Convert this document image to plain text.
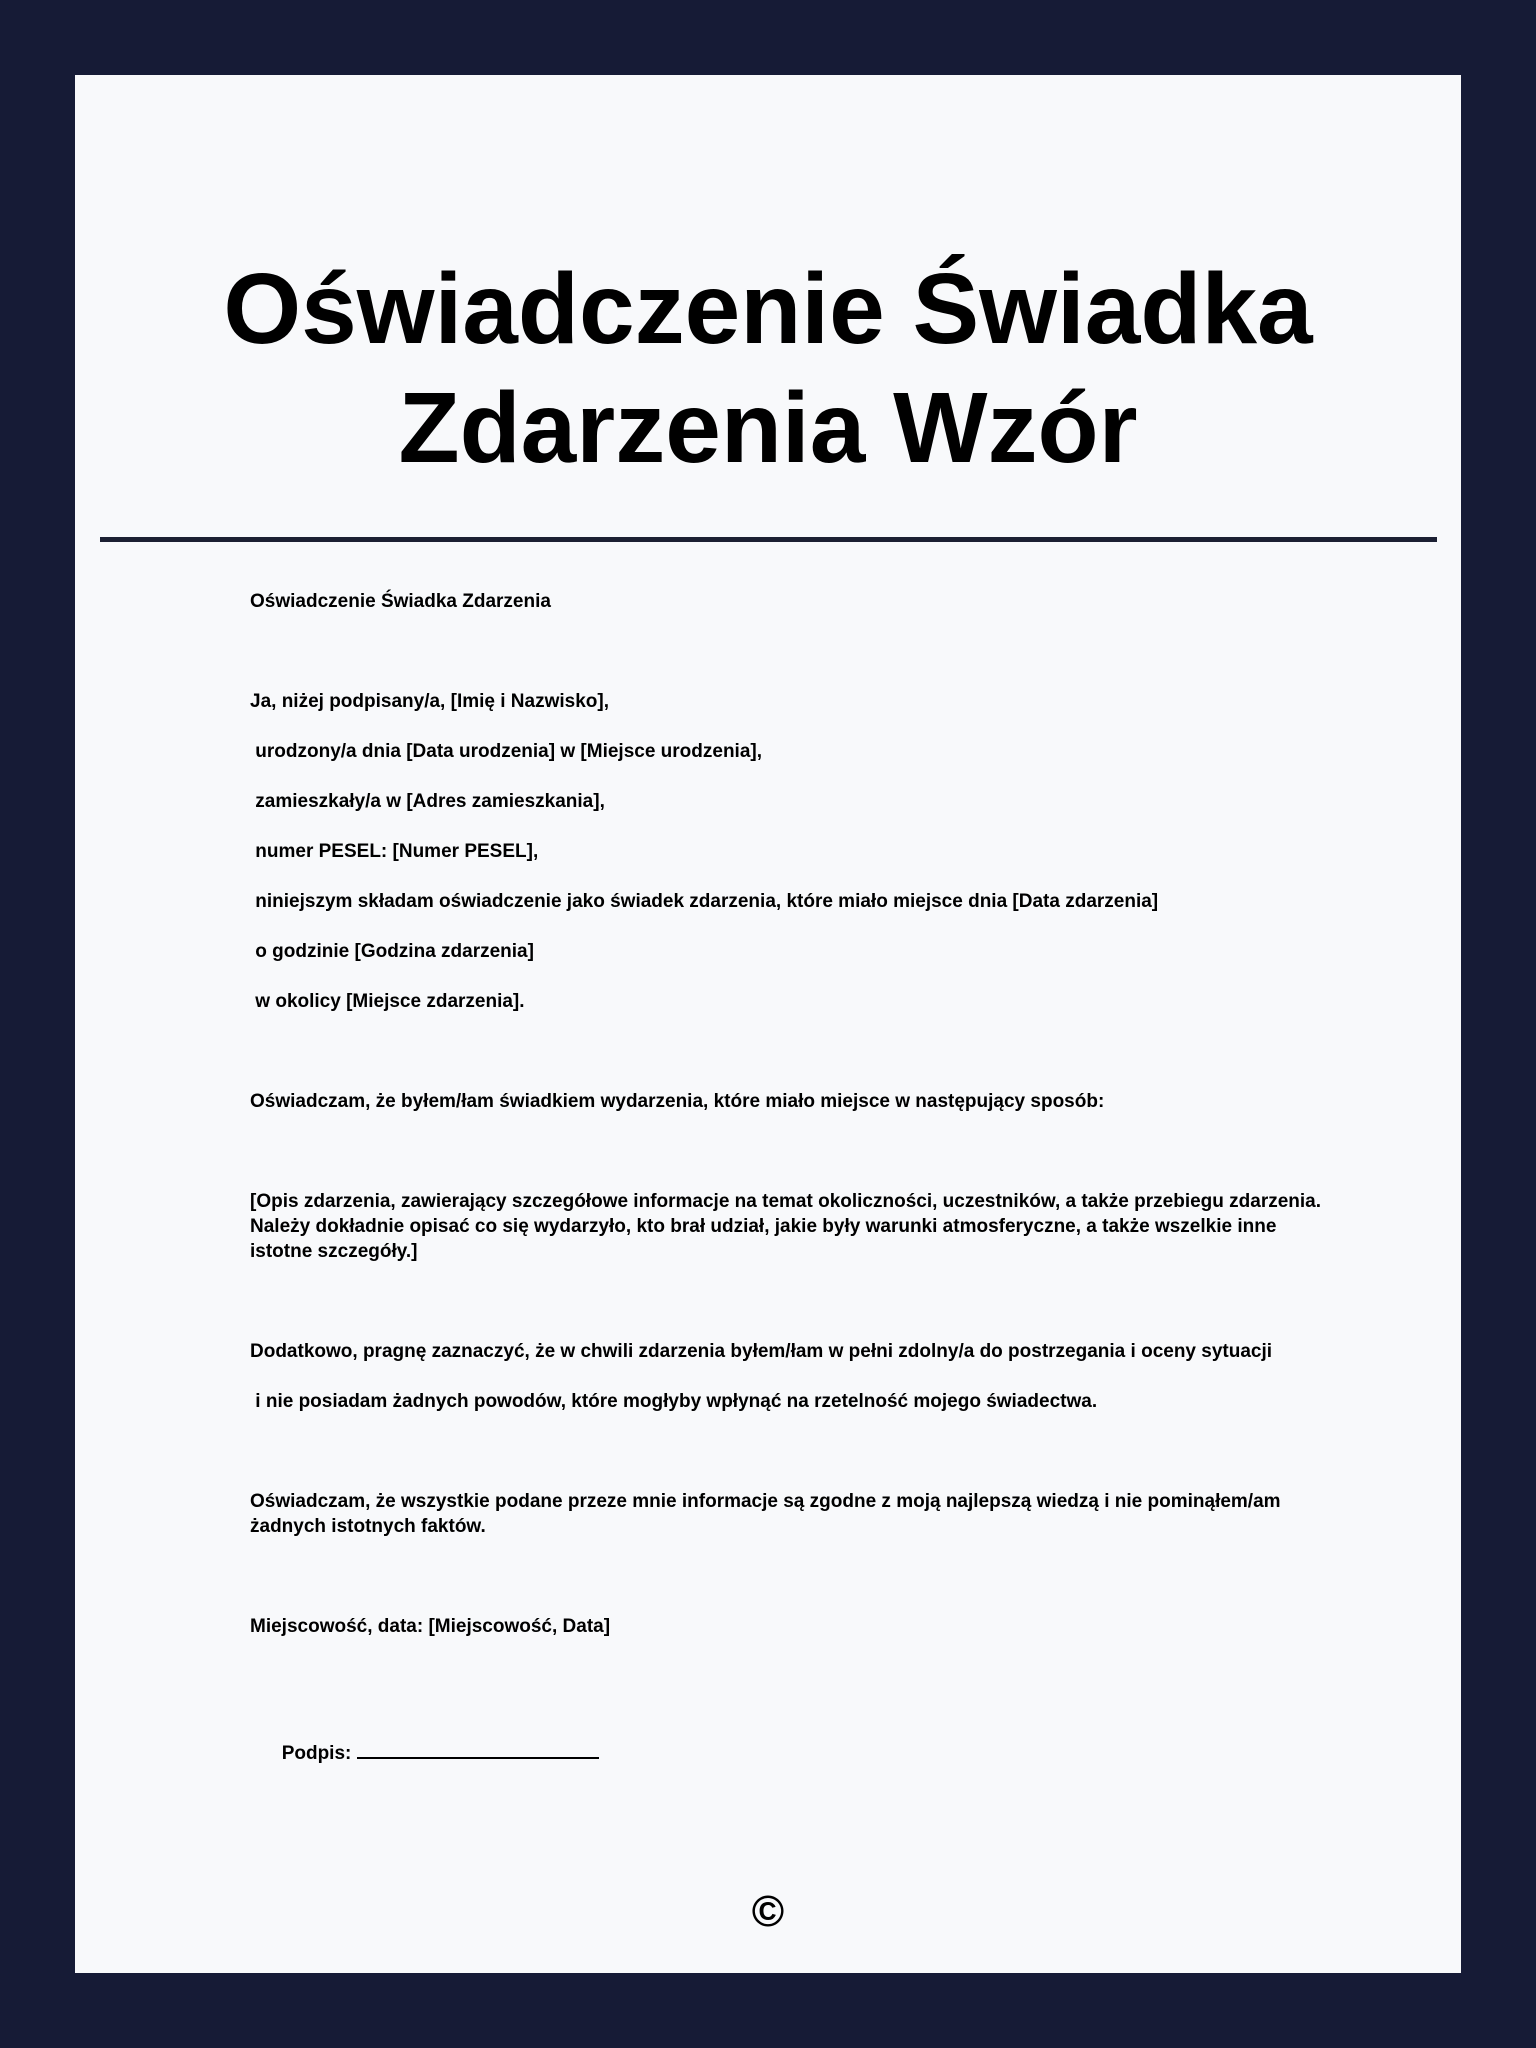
Oświadczenie Świadka
Zdarzenia Wzór

Oświadczenie Świadka Zdarzenia

Ja, niżej podpisany/a, [Imię i Nazwisko],

urodzony/a dnia [Data urodzenia] w [Miejsce urodzenia],

zamieszkały/a w [Adres zamieszkania],

numer PESEL: [Numer PESEL],

niniejszym składam oświadczenie jako świadek zdarzenia, które miało miejsce dnia [Data zdarzenia]

o godzinie [Godzina zdarzenia]

w okolicy [Miejsce zdarzenia].

Oświadczam, że byłem/łam świadkiem wydarzenia, które miało miejsce w następujący sposób:

[Opis zdarzenia, zawierający szczegółowe informacje na temat okoliczności, uczestników, a także przebiegu zdarzenia. Należy dokładnie opisać co się wydarzyło, kto brał udział, jakie były warunki atmosferyczne, a także wszelkie inne istotne szczegóły.]

Dodatkowo, pragnę zaznaczyć, że w chwili zdarzenia byłem/łam w pełni zdolny/a do postrzegania i oceny sytuacji

i nie posiadam żadnych powodów, które mogłyby wpłynąć na rzetelność mojego świadectwa.

Oświadczam, że wszystkie podane przeze mnie informacje są zgodne z moją najlepszą wiedzą i nie pominąłem/am żadnych istotnych faktów.

Miejscowość, data: [Miejscowość, Data]

Podpis:

©
